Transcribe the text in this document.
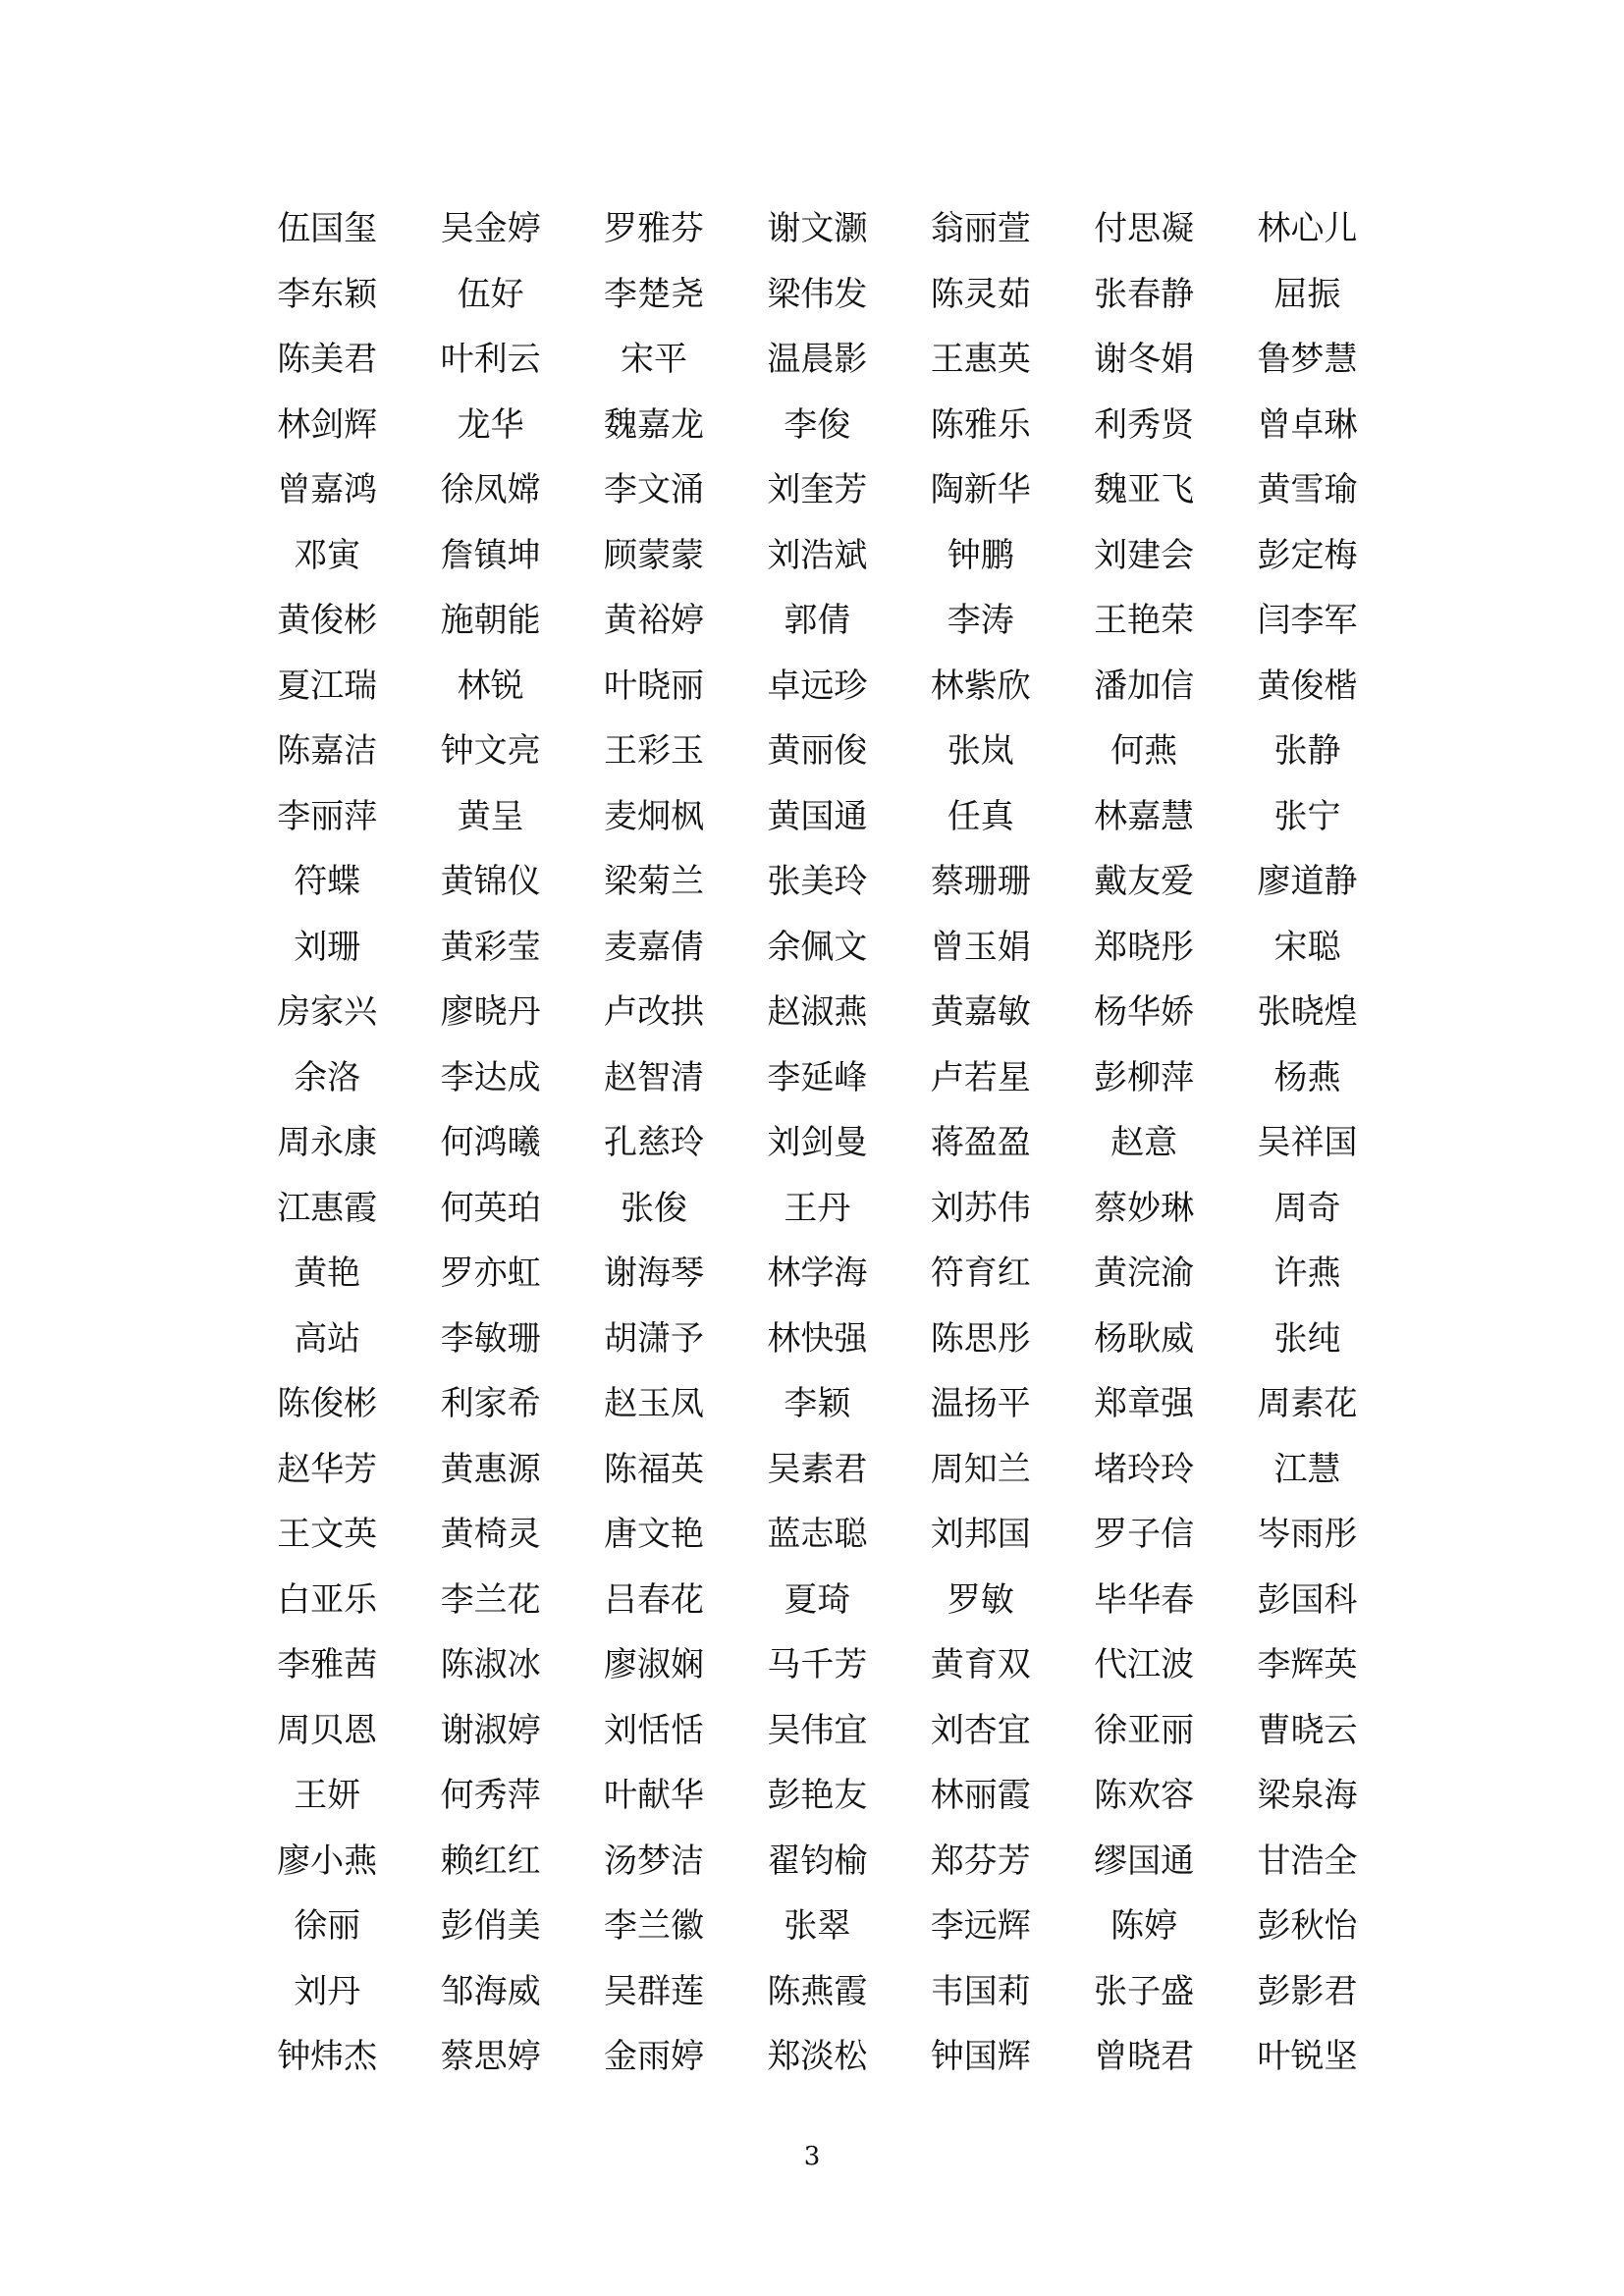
伍国玺	吴金婷	罗雅芬	谢文灏	翁丽萱	付思凝	林心儿
李东颖	伍好	李楚尧	梁伟发	陈灵茹	张春静	屈振
陈美君	叶利云	宋平	温晨影	王惠英	谢冬娟	鲁梦慧
林剑辉	龙华	魏嘉龙	李俊	陈雅乐	利秀贤	曾卓琳
曾嘉鸿	徐凤嫦	李文涌	刘奎芳	陶新华	魏亚飞	黄雪瑜
邓寅	詹镇坤	顾蒙蒙	刘浩斌	钟鹏	刘建会	彭定梅
黄俊彬	施朝能	黄裕婷	郭倩	李涛	王艳荣	闫李军
夏江瑞	林锐	叶晓丽	卓远珍	林紫欣	潘加信	黄俊楷
陈嘉洁	钟文亮	王彩玉	黄丽俊	张岚	何燕	张静
李丽萍	黄呈	麦炯枫	黄国通	任真	林嘉慧	张宁
符蝶	黄锦仪	梁菊兰	张美玲	蔡珊珊	戴友爱	廖道静
刘珊	黄彩莹	麦嘉倩	余佩文	曾玉娟	郑晓彤	宋聪
房家兴	廖晓丹	卢改拱	赵淑燕	黄嘉敏	杨华娇	张晓煌
余洛	李达成	赵智清	李延峰	卢若星	彭柳萍	杨燕
周永康	何鸿曦	孔慈玲	刘剑曼	蒋盈盈	赵意	吴祥国
江惠霞	何英珀	张俊	王丹	刘苏伟	蔡妙琳	周奇
黄艳	罗亦虹	谢海琴	林学海	符育红	黄浣渝	许燕
高站	李敏珊	胡潇予	林快强	陈思彤	杨耿威	张纯
陈俊彬	利家希	赵玉凤	李颖	温扬平	郑章强	周素花
赵华芳	黄惠源	陈福英	吴素君	周知兰	堵玲玲	江慧
王文英	黄椅灵	唐文艳	蓝志聪	刘邦国	罗子信	岑雨彤
白亚乐	李兰花	吕春花	夏琦	罗敏	毕华春	彭国科
李雅茜	陈淑冰	廖淑娴	马千芳	黄育双	代江波	李辉英
周贝恩	谢淑婷	刘恬恬	吴伟宜	刘杏宜	徐亚丽	曹晓云
王妍	何秀萍	叶献华	彭艳友	林丽霞	陈欢容	梁泉海
廖小燕	赖红红	汤梦洁	翟钧榆	郑芬芳	缪国通	甘浩全
徐丽	彭俏美	李兰徽	张翠	李远辉	陈婷	彭秋怡
刘丹	邹海威	吴群莲	陈燕霞	韦国莉	张子盛	彭影君
钟炜杰	蔡思婷	金雨婷	郑淡松	钟国辉	曾晓君	叶锐坚
3
